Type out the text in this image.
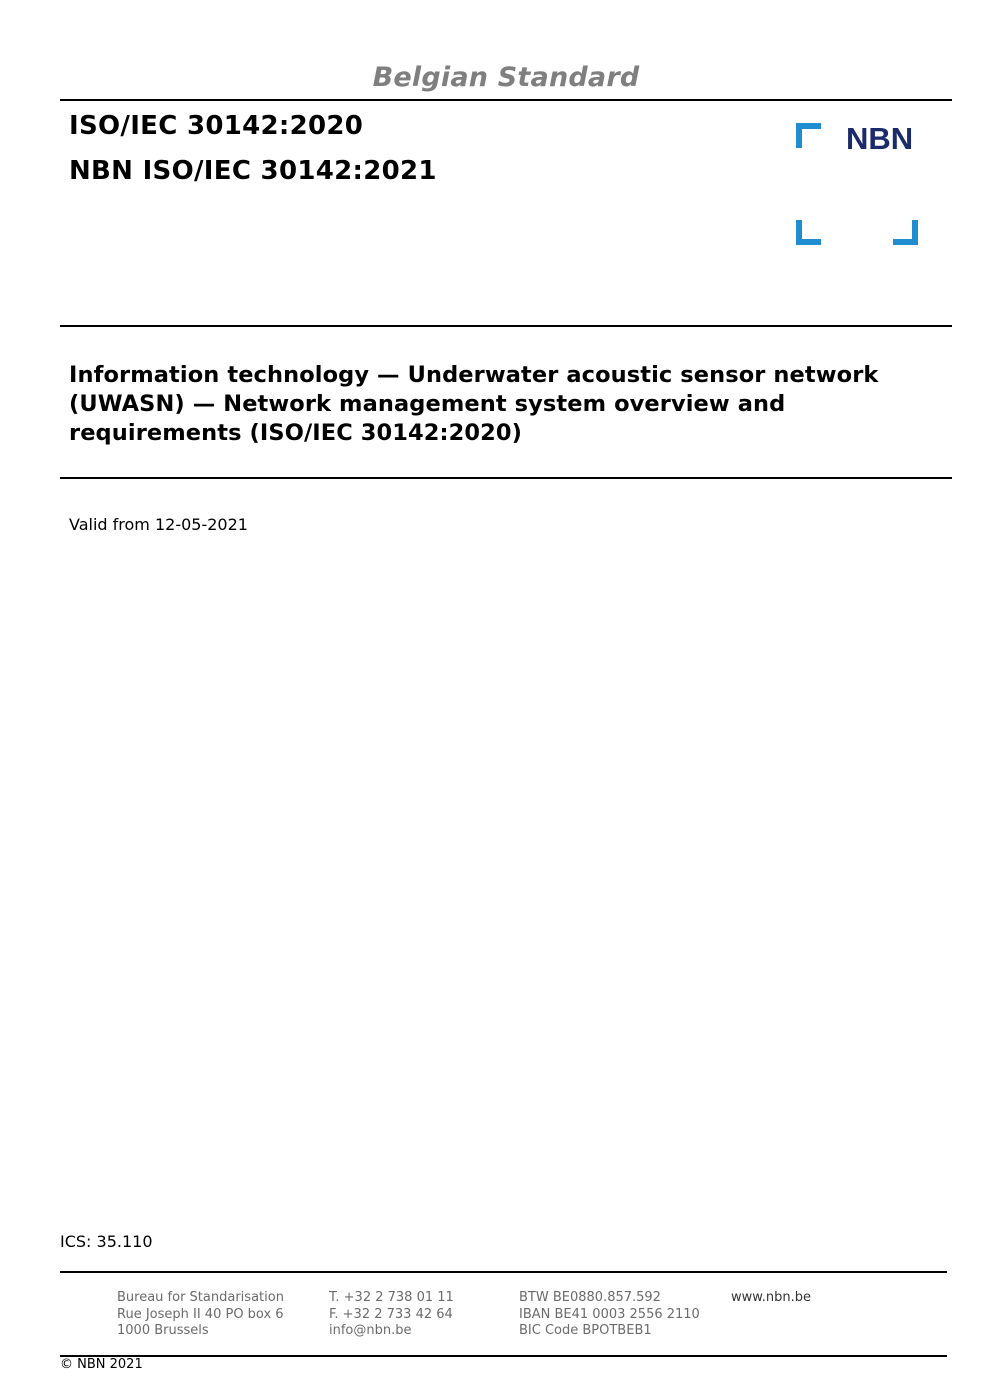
Belgian Standard
ISO/IEC 30142:2020
NBN ISO/IEC 30142:2021
NBN
Information technology — Underwater acoustic sensor network
(UWASN) — Network management system overview and
requirements (ISO/IEC 30142:2020)
Valid from 12-05-2021
ICS: 35.110
Bureau for Standarisation
Rue Joseph II 40 PO box 6
1000 Brussels
T. +32 2 738 01 11
F. +32 2 733 42 64
info@nbn.be
BTW BE0880.857.592
IBAN BE41 0003 2556 2110
BIC Code BPOTBEB1
www.nbn.be
© NBN 2021
